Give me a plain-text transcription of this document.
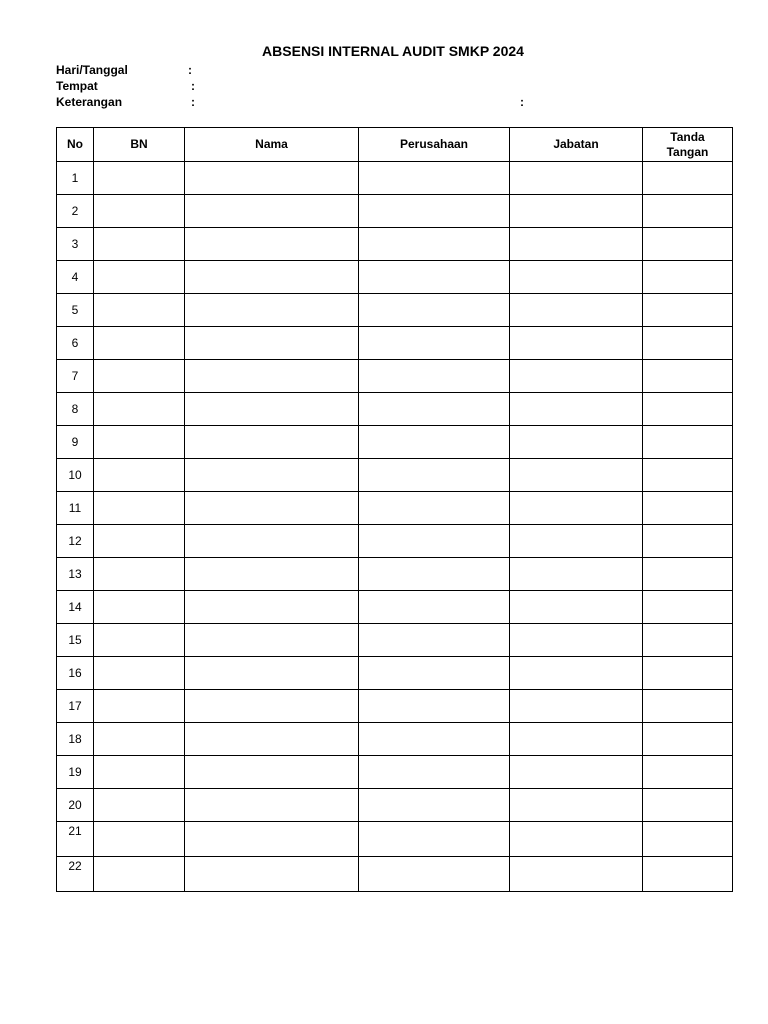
ABSENSI INTERNAL AUDIT SMKP 2024
Hari/Tanggal	:
Tempat	:
Keterangan	:	:
No	BN	Nama	Perusahaan	Jabatan	Tanda
Tangan
1					
2					
3					
4					
5					
6					
7					
8					
9					
10					
11					
12					
13					
14					
15					
16					
17					
18					
19					
20					
21					
22					
